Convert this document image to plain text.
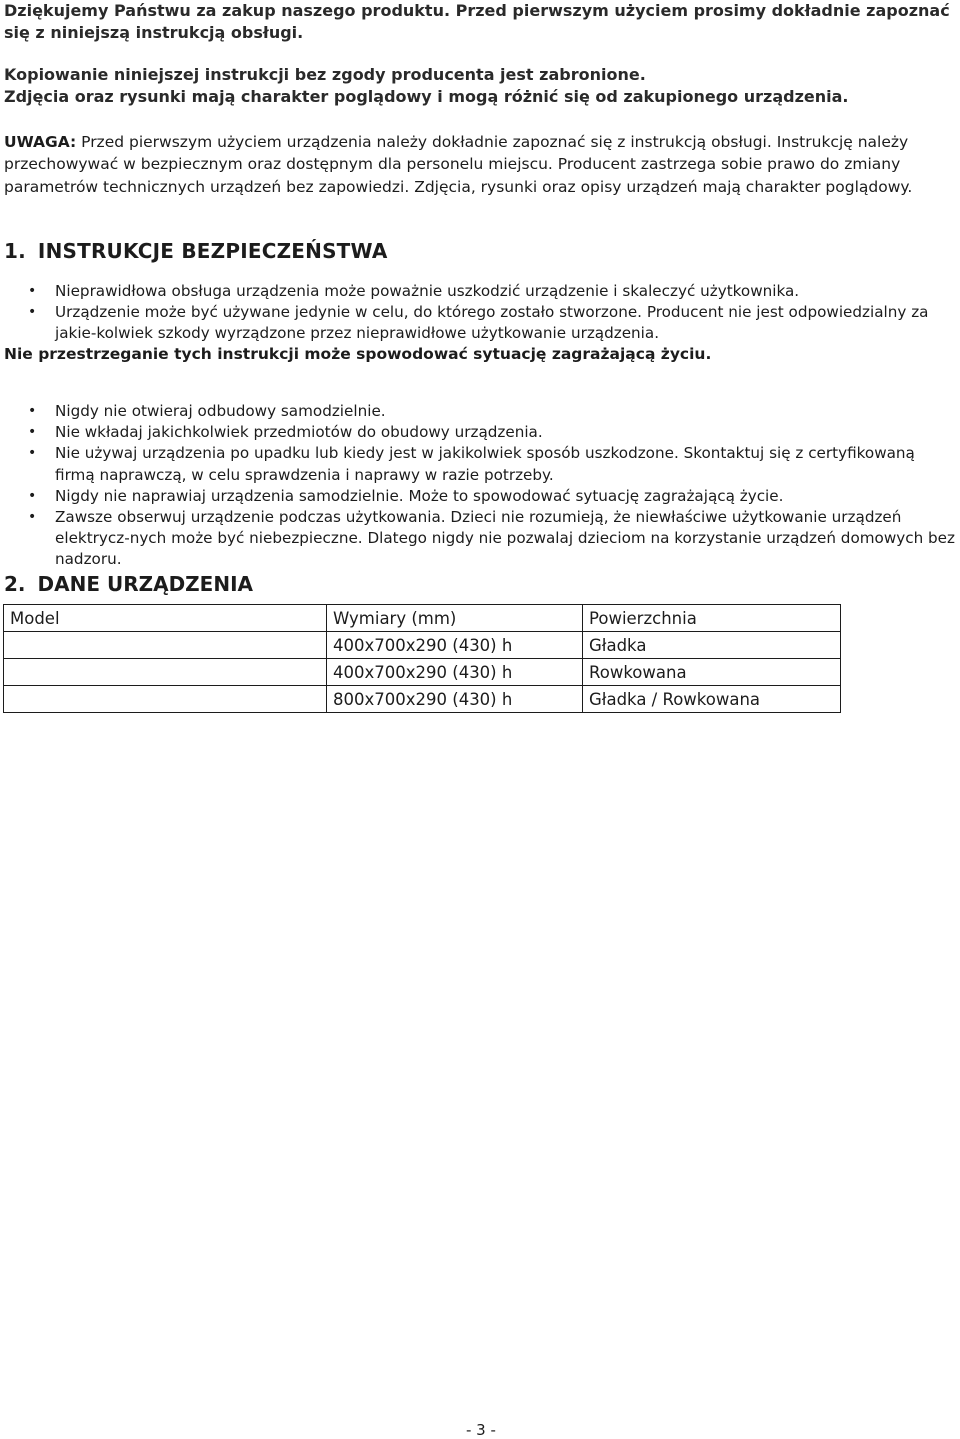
Dziękujemy Państwu za zakup naszego produktu. Przed pierwszym użyciem prosimy dokładnie zapoznać się z niniejszą instrukcją obsługi.

Kopiowanie niniejszej instrukcji bez zgody producenta jest zabronione.

Zdjęcia oraz rysunki mają charakter poglądowy i mogą różnić się od zakupionego urządzenia.

UWAGA: Przed pierwszym użyciem urządzenia należy dokładnie zapoznać się z instrukcją obsługi. Instrukcję należy przechowywać w bezpiecznym oraz dostępnym dla personelu miejscu. Producent zastrzega sobie prawo do zmiany parametrów technicznych urządzeń bez zapowiedzi. Zdjęcia, rysunki oraz opisy urządzeń mają charakter poglądowy.
1. INSTRUKCJE BEZPIECZEŃSTWA
• Nieprawidłowa obsługa urządzenia może poważnie uszkodzić urządzenie i skaleczyć użytkownika.
• Urządzenie może być używane jedynie w celu, do którego zostało stworzone. Producent nie jest odpowiedzialny za jakie-kolwiek szkody wyrządzone przez nieprawidłowe użytkowanie urządzenia.
Nie przestrzeganie tych instrukcji może spowodować sytuację zagrażającą życiu.
• Nigdy nie otwieraj odbudowy samodzielnie.
• Nie wkładaj jakichkolwiek przedmiotów do obudowy urządzenia.
• Nie używaj urządzenia po upadku lub kiedy jest w jakikolwiek sposób uszkodzone. Skontaktuj się z certyfikowaną firmą naprawczą, w celu sprawdzenia i naprawy w razie potrzeby.
• Nigdy nie naprawiaj urządzenia samodzielnie. Może to spowodować sytuację zagrażającą życie.
• Zawsze obserwuj urządzenie podczas użytkowania. Dzieci nie rozumieją, że niewłaściwe użytkowanie urządzeń elektrycz-nych może być niebezpieczne. Dlatego nigdy nie pozwalaj dzieciom na korzystanie urządzeń domowych bez nadzoru.
2. DANE URZĄDZENIA
Model	Wymiary (mm)	Powierzchnia
	400x700x290 (430) h	Gładka
	400x700x290 (430) h	Rowkowana
	800x700x290 (430) h	Gładka / Rowkowana
- 3 -
